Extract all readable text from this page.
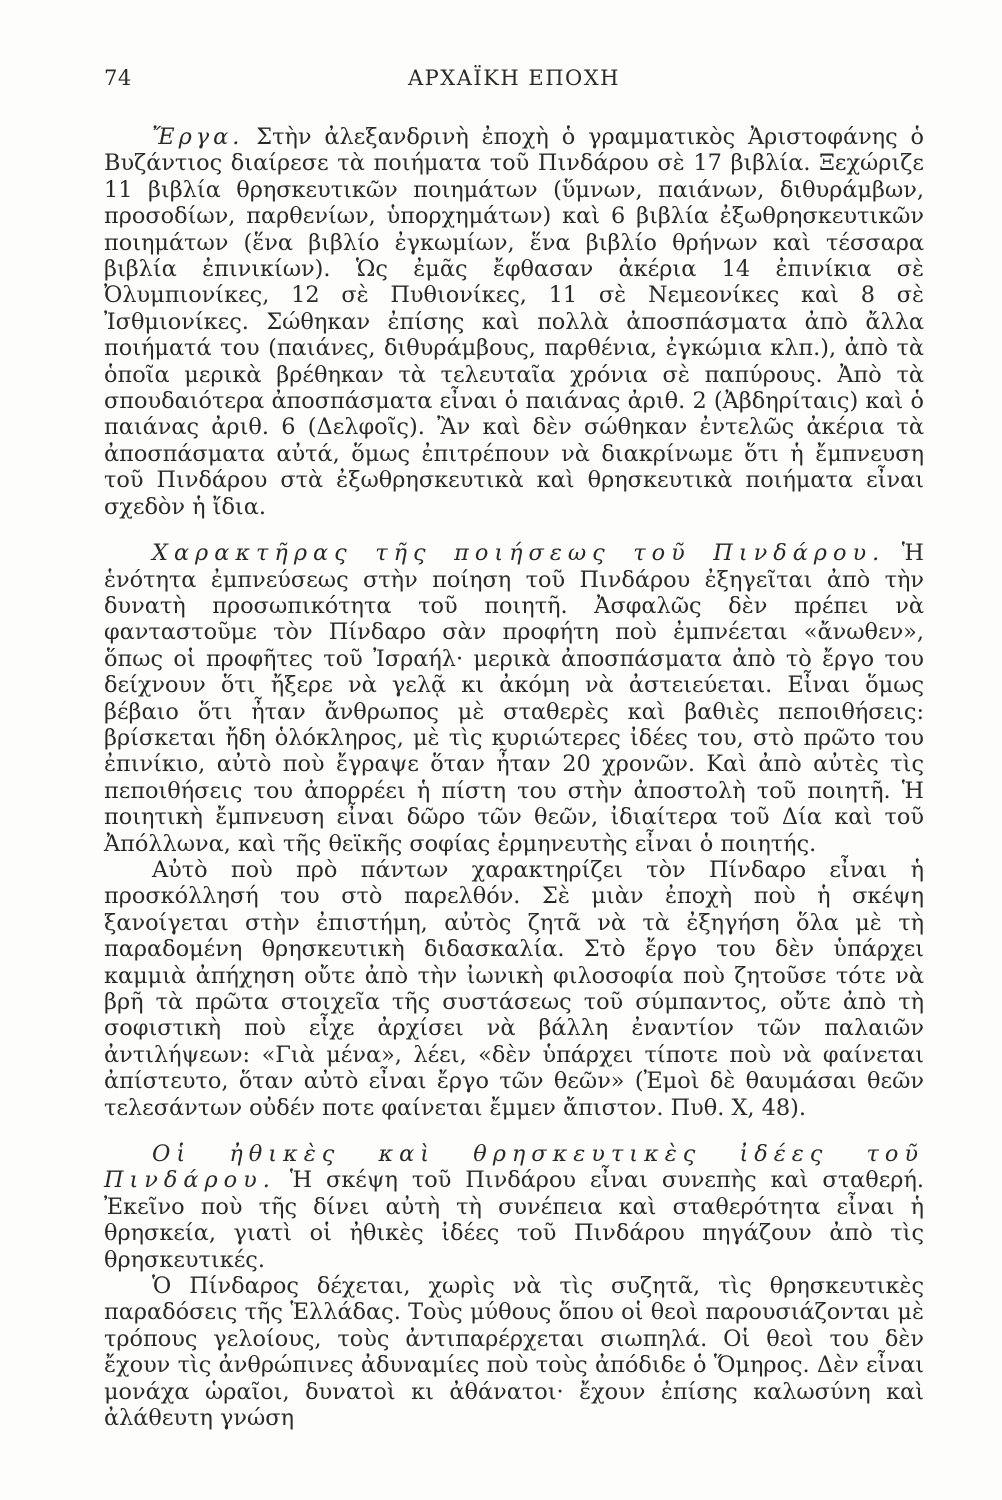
74	ΑΡΧΑΪΚΗ ΕΠΟΧΗ

Ἔργα. Στὴν ἀλεξανδρινὴ ἐποχὴ ὁ γραμματικὸς Ἀριστοφάνης ὁ Βυζάντιος διαίρεσε τὰ ποιήματα τοῦ Πινδάρου σὲ 17 βιβλία. Ξεχώριζε 11 βιβλία θρησκευτικῶν ποιημάτων (ὕμνων, παιάνων, διθυράμβων, προσοδίων, παρθενίων, ὑπορχημάτων) καὶ 6 βιβλία ἐξωθρησκευτικῶν ποιημάτων (ἕνα βιβλίο ἐγκωμίων, ἕνα βιβλίο θρήνων καὶ τέσσαρα βιβλία ἐπινικίων). Ὡς ἐμᾶς ἔφθασαν ἀκέρια 14 ἐπινίκια σὲ Ὀλυμπιονίκες, 12 σὲ Πυθιονίκες, 11 σὲ Νεμεονίκες καὶ 8 σὲ Ἰσθμιονίκες. Σώθηκαν ἐπίσης καὶ πολλὰ ἀποσπάσματα ἀπὸ ἄλλα ποιήματά του (παιάνες, διθυράμβους, παρθένια, ἐγκώμια κλπ.), ἀπὸ τὰ ὁποῖα μερικὰ βρέθηκαν τὰ τελευταῖα χρόνια σὲ παπύρους. Ἀπὸ τὰ σπουδαιότερα ἀποσπάσματα εἶναι ὁ παιάνας ἀριθ. 2 (Ἀβδηρίταις) καὶ ὁ παιάνας ἀριθ. 6 (Δελφοῖς). Ἂν καὶ δὲν σώθηκαν ἐντελῶς ἀκέρια τὰ ἀποσπάσματα αὐτά, ὅμως ἐπιτρέπουν νὰ διακρίνωμε ὅτι ἡ ἔμπνευση τοῦ Πινδάρου στὰ ἐξωθρησκευτικὰ καὶ θρησκευτικὰ ποιήματα εἶναι σχεδὸν ἡ ἴδια.

Χαρακτῆρας τῆς ποιήσεως τοῦ Πινδάρου. Ἡ ἑνότητα ἐμπνεύσεως στὴν ποίηση τοῦ Πινδάρου ἐξηγεῖται ἀπὸ τὴν δυνατὴ προσωπικότητα τοῦ ποιητῆ. Ἀσφαλῶς δὲν πρέπει νὰ φανταστοῦμε τὸν Πίνδαρο σὰν προφήτη ποὺ ἐμπνέεται «ἄνωθεν», ὅπως οἱ προφῆτες τοῦ Ἰσραήλ· μερικὰ ἀποσπάσματα ἀπὸ τὸ ἔργο του δείχνουν ὅτι ἤξερε νὰ γελᾷ κι ἀκόμη νὰ ἀστειεύεται. Εἶναι ὅμως βέβαιο ὅτι ἦταν ἄνθρωπος μὲ σταθερὲς καὶ βαθιὲς πεποιθήσεις: βρίσκεται ἤδη ὁλόκληρος, μὲ τὶς κυριώτερες ἰδέες του, στὸ πρῶτο του ἐπινίκιο, αὐτὸ ποὺ ἔγραψε ὅταν ἦταν 20 χρονῶν. Καὶ ἀπὸ αὐτὲς τὶς πεποιθήσεις του ἀπορρέει ἡ πίστη του στὴν ἀποστολὴ τοῦ ποιητῆ. Ἡ ποιητικὴ ἔμπνευση εἶναι δῶρο τῶν θεῶν, ἰδιαίτερα τοῦ Δία καὶ τοῦ Ἀπόλλωνα, καὶ τῆς θεϊκῆς σοφίας ἑρμηνευτὴς εἶναι ὁ ποιητής.

Αὐτὸ ποὺ πρὸ πάντων χαρακτηρίζει τὸν Πίνδαρο εἶναι ἡ προσκόλλησή του στὸ παρελθόν. Σὲ μιὰν ἐποχὴ ποὺ ἡ σκέψη ξανοίγεται στὴν ἐπιστήμη, αὐτὸς ζητᾶ νὰ τὰ ἐξηγήση ὅλα μὲ τὴ παραδομένη θρησκευτικὴ διδασκαλία. Στὸ ἔργο του δὲν ὑπάρχει καμμιὰ ἀπήχηση οὔτε ἀπὸ τὴν ἰωνικὴ φιλοσοφία ποὺ ζητοῦσε τότε νὰ βρῆ τὰ πρῶτα στοιχεῖα τῆς συστάσεως τοῦ σύμπαντος, οὔτε ἀπὸ τὴ σοφιστικὴ ποὺ εἶχε ἀρχίσει νὰ βάλλη ἐναντίον τῶν παλαιῶν ἀντιλήψεων: «Γιὰ μένα», λέει, «δὲν ὑπάρχει τίποτε ποὺ νὰ φαίνεται ἀπίστευτο, ὅταν αὐτὸ εἶναι ἔργο τῶν θεῶν» (Ἐμοὶ δὲ θαυμάσαι θεῶν τελεσάντων οὐδέν ποτε φαίνεται ἔμμεν ἄπιστον. Πυθ. Χ, 48).

Οἱ ἠθικὲς καὶ θρησκευτικὲς ἰδέες τοῦ Πινδάρου. Ἡ σκέψη τοῦ Πινδάρου εἶναι συνεπὴς καὶ σταθερή. Ἐκεῖνο ποὺ τῆς δίνει αὐτὴ τὴ συνέπεια καὶ σταθερότητα εἶναι ἡ θρησκεία, γιατὶ οἱ ἠθικὲς ἰδέες τοῦ Πινδάρου πηγάζουν ἀπὸ τὶς θρησκευτικές.

Ὁ Πίνδαρος δέχεται, χωρὶς νὰ τὶς συζητᾶ, τὶς θρησκευτικὲς παραδόσεις τῆς Ἑλλάδας. Τοὺς μύθους ὅπου οἱ θεοὶ παρουσιάζονται μὲ τρόπους γελοίους, τοὺς ἀντιπαρέρχεται σιωπηλά. Οἱ θεοὶ του δὲν ἔχουν τὶς ἀνθρώπινες ἀδυναμίες ποὺ τοὺς ἀπόδιδε ὁ Ὅμηρος. Δὲν εἶναι μονάχα ὡραῖοι, δυνατοὶ κι ἀθάνατοι· ἔχουν ἐπίσης καλωσύνη καὶ ἀλάθευτη γνώση
